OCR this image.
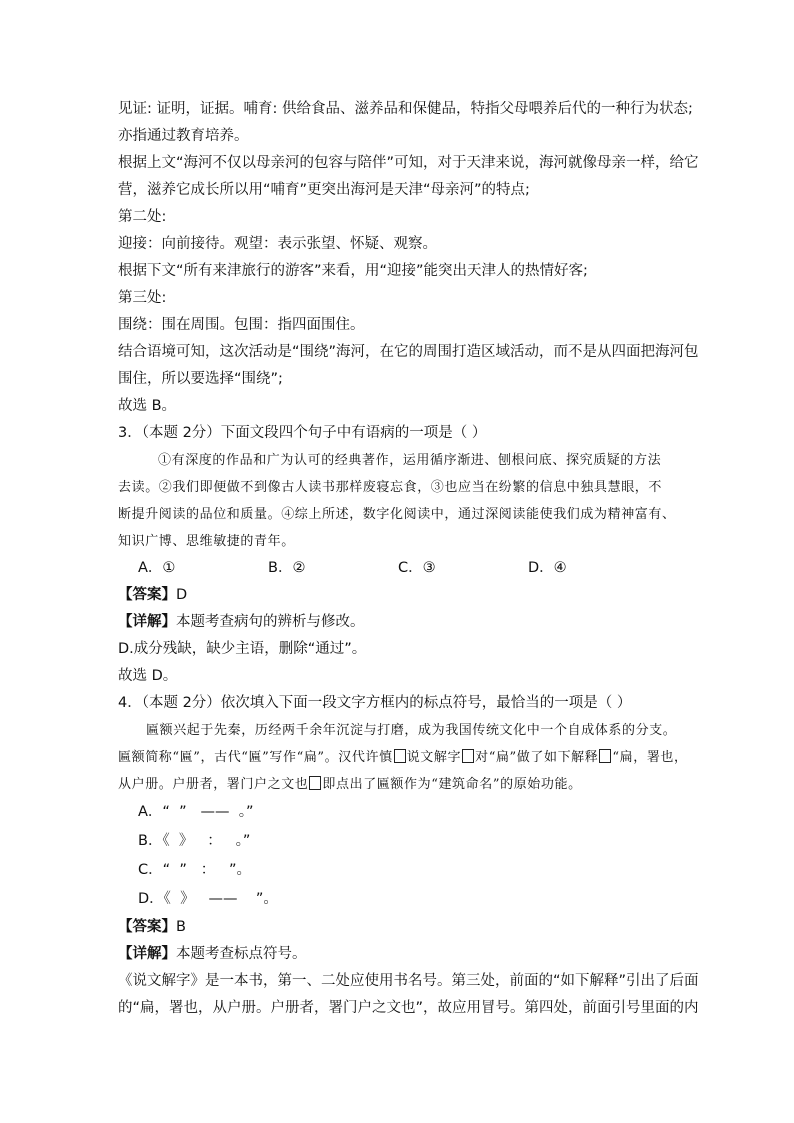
见证: 证明，证据。哺育: 供给食品、滋养品和保健品，特指父母喂养后代的一种行为状态;
亦指通过教育培养。
根据上文“海河不仅以母亲河的包容与陪伴”可知，对于天津来说，海河就像母亲一样，给它
营，滋养它成长所以用“哺育”更突出海河是天津“母亲河”的特点;
第二处:
迎接：向前接待。观望：表示张望、怀疑、观察。
根据下文“所有来津旅行的游客”来看，用“迎接”能突出天津人的热情好客;
第三处:
围绕：围在周围。包围：指四面围住。
结合语境可知，这次活动是“围绕”海河，在它的周围打造区域活动，而不是从四面把海河包
围住，所以要选择“围绕”;
故选 B。
3．（本题 2分）下面文段四个句子中有语病的一项是（ ）
①有深度的作品和广为认可的经典著作，运用循序渐进、刨根问底、探究质疑的方法
去读。②我们即便做不到像古人读书那样废寝忘食，③也应当在纷繁的信息中独具慧眼，不
断提升阅读的品位和质量。④综上所述，数字化阅读中，通过深阅读能使我们成为精神富有、
知识广博、思维敏捷的青年。
A．①	B．②	C．③	D．④
【答案】D
【详解】本题考查病句的辨析与修改。
D.成分残缺，缺少主语，删除“通过”。
故选 D。
4．（本题 2分）依次填入下面一段文字方框内的标点符号，最恰当的一项是（ ）
匾额兴起于先秦，历经两千余年沉淀与打磨，成为我国传统文化中一个自成体系的分支。
匾额简称“匾”，古代“匾”写作“扁”。汉代许慎 说文解字 对“扁”做了如下解释 “扁，署也，
从户册。户册者，署门户之文也 即点出了匾额作为“建筑命名”的原始功能。
A．“  ”   ——  。”
B．《  》   ：   。”
C．“  ”   ：   ”。
D．《  》   ——    ”。
【答案】B
【详解】本题考查标点符号。
《说文解字》是一本书，第一、二处应使用书名号。第三处，前面的“如下解释”引出了后面
的“扁，署也，从户册。户册者，署门户之文也”，故应用冒号。第四处，前面引号里面的内
